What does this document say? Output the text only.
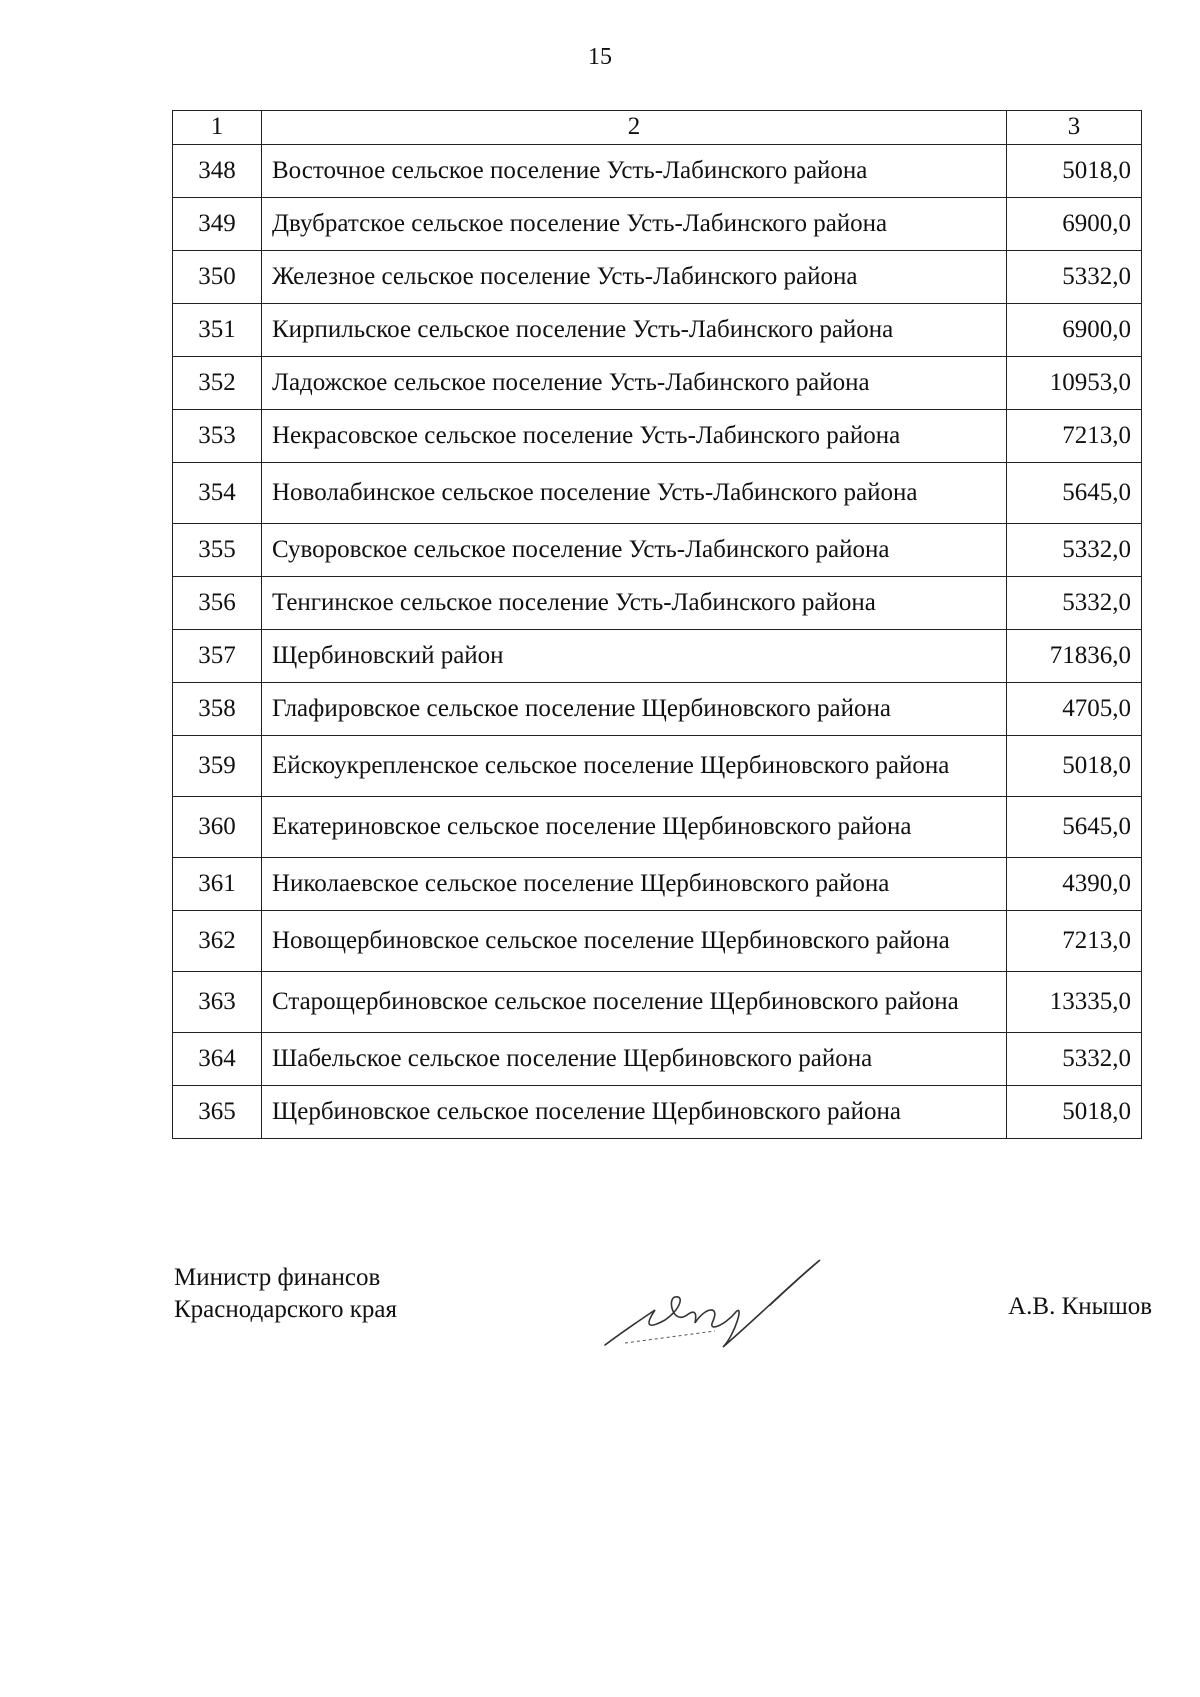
15
1	2	3
348	Восточное сельское поселение Усть-Лабинского района	5018,0
349	Двубратское сельское поселение Усть-Лабинского района	6900,0
350	Железное сельское поселение Усть-Лабинского района	5332,0
351	Кирпильское сельское поселение Усть-Лабинского района	6900,0
352	Ладожское сельское поселение Усть-Лабинского района	10953,0
353	Некрасовское сельское поселение Усть-Лабинского района	7213,0
354	Новолабинское сельское поселение Усть-Лабинского района	5645,0
355	Суворовское сельское поселение Усть-Лабинского района	5332,0
356	Тенгинское сельское поселение Усть-Лабинского района	5332,0
357	Щербиновский район	71836,0
358	Глафировское сельское поселение Щербиновского района	4705,0
359	Ейскоукрепленское сельское поселение Щербиновского района	5018,0
360	Екатериновское сельское поселение Щербиновского района	5645,0
361	Николаевское сельское поселение Щербиновского района	4390,0
362	Новощербиновское сельское поселение Щербиновского района	7213,0
363	Старощербиновское сельское поселение Щербиновского района	13335,0
364	Шабельское сельское поселение Щербиновского района	5332,0
365	Щербиновское сельское поселение Щербиновского района	5018,0
Министр финансов
Краснодарского края	А.В. Кнышов
